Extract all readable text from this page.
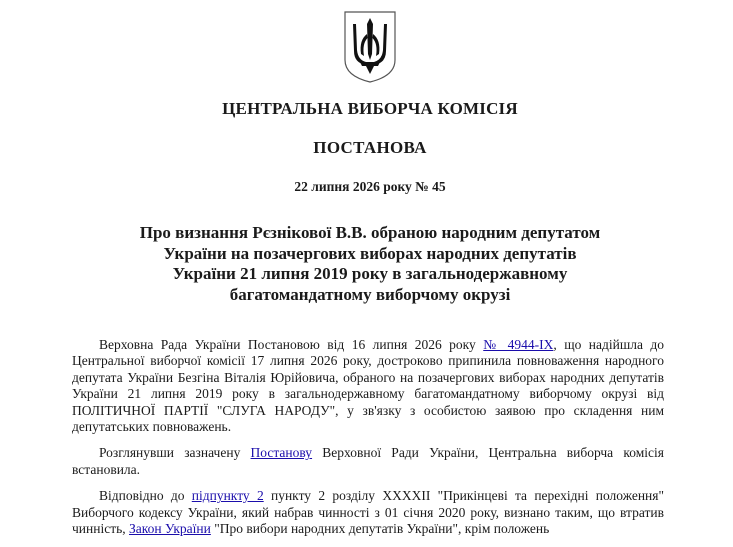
ЦЕНТРАЛЬНА ВИБОРЧА КОМІСІЯ
ПОСТАНОВА
22 липня 2026 року № 45
Про визнання Рєзнікової В.В. обраною народним депутатом
України на позачергових виборах народних депутатів
України 21 липня 2019 року в загальнодержавному
багатомандатному виборчому окрузі

Верховна Рада України Постановою від 16 липня 2026 року № 4944-IX, що надійшла до Центральної виборчої комісії 17 липня 2026 року, достроково припинила повноваження народного депутата України Безгіна Віталія Юрійовича, обраного на позачергових виборах народних депутатів України 21 липня 2019 року в загальнодержавному багатомандатному виборчому окрузі від ПОЛІТИЧНОЇ ПАРТІЇ "СЛУГА НАРОДУ", у зв'язку з особистою заявою про складення ним депутатських повноважень.

Розглянувши зазначену Постанову Верховної Ради України, Центральна виборча комісія встановила.

Відповідно до підпункту 2 пункту 2 розділу XXXXII "Прикінцеві та перехідні положення" Виборчого кодексу України, який набрав чинності з 01 січня 2020 року, визнано таким, що втратив чинність, Закон України "Про вибори народних депутатів України", крім положень
